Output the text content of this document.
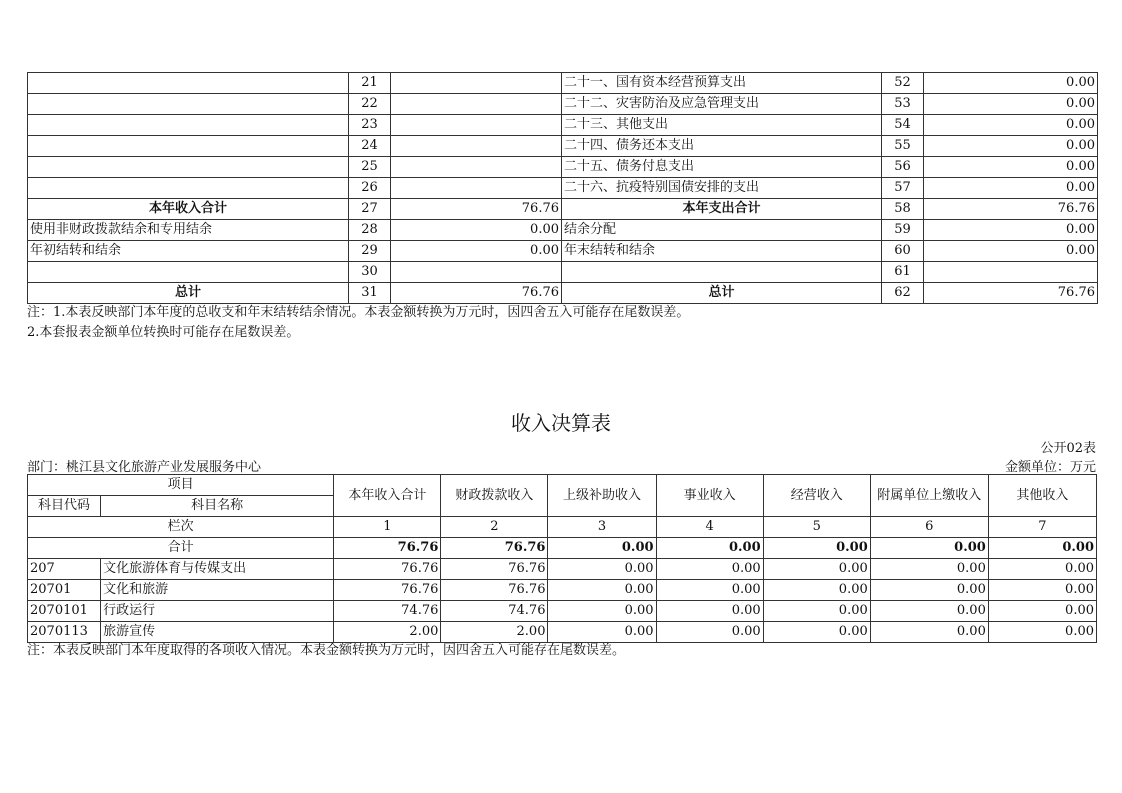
	21		二十一、国有资本经营预算支出	52	0.00
	22		二十二、灾害防治及应急管理支出	53	0.00
	23		二十三、其他支出	54	0.00
	24		二十四、债务还本支出	55	0.00
	25		二十五、债务付息支出	56	0.00
	26		二十六、抗疫特别国债安排的支出	57	0.00
本年收入合计	27	76.76	本年支出合计	58	76.76
使用非财政拨款结余和专用结余	28	0.00	结余分配	59	0.00
年初结转和结余	29	0.00	年末结转和结余	60	0.00
	30			61	
总计	31	76.76	总计	62	76.76
注：1.本表反映部门本年度的总收支和年末结转结余情况。本表金额转换为万元时，因四舍五入可能存在尾数误差。
2.本套报表金额单位转换时可能存在尾数误差。
收入决算表
公开02表
部门：桃江县文化旅游产业发展服务中心	金额单位：万元
项目		本年收入合计	财政拨款收入	上级补助收入	事业收入	经营收入	附属单位上缴收入	其他收入
科目代码	科目名称							
栏次		1	2	3	4	5	6	7
合计		76.76	76.76	0.00	0.00	0.00	0.00	0.00
207	文化旅游体育与传媒支出	76.76	76.76	0.00	0.00	0.00	0.00	0.00
20701	文化和旅游	76.76	76.76	0.00	0.00	0.00	0.00	0.00
2070101	行政运行	74.76	74.76	0.00	0.00	0.00	0.00	0.00
2070113	旅游宣传	2.00	2.00	0.00	0.00	0.00	0.00	0.00
注：本表反映部门本年度取得的各项收入情况。本表金额转换为万元时，因四舍五入可能存在尾数误差。
